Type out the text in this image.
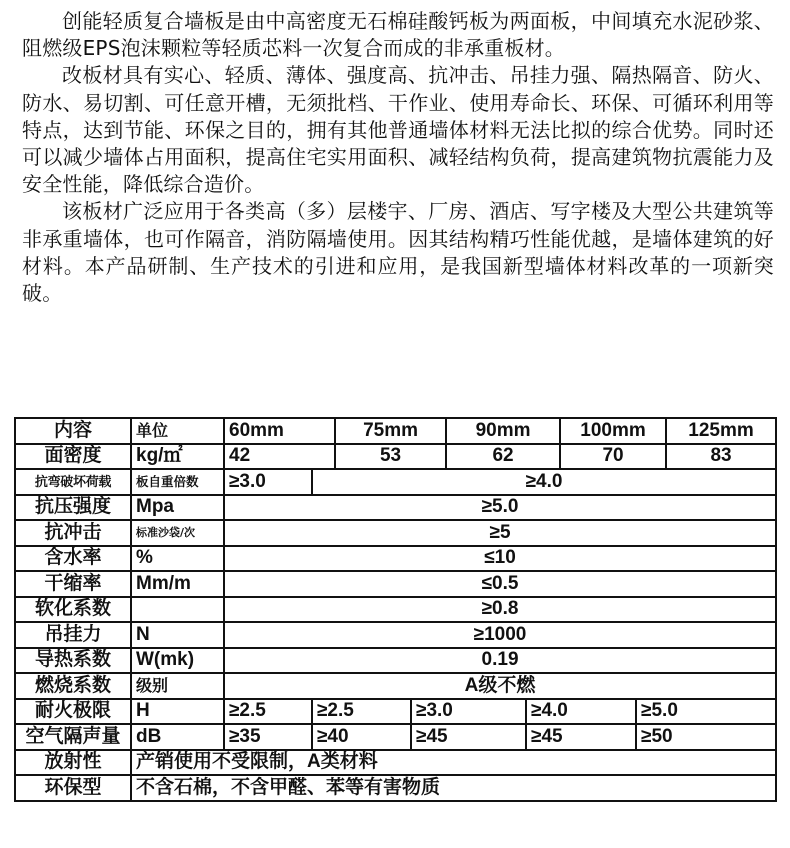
创能轻质复合墙板是由中高密度无石棉硅酸钙板为两面板，中间填充水泥砂浆、阻燃级EPS泡沫颗粒等轻质芯料一次复合而成的非承重板材。

改板材具有实心、轻质、薄体、强度高、抗冲击、吊挂力强、隔热隔音、防火、防水、易切割、可任意开槽，无须批档、干作业、使用寿命长、环保、可循环利用等特点，达到节能、环保之目的，拥有其他普通墙体材料无法比拟的综合优势。同时还可以减少墙体占用面积，提高住宅实用面积、减轻结构负荷，提高建筑物抗震能力及安全性能，降低综合造价。

该板材广泛应用于各类高（多）层楼宇、厂房、酒店、写字楼及大型公共建筑等非承重墙体，也可作隔音，消防隔墙使用。因其结构精巧性能优越，是墙体建筑的好材料。本产品研制、生产技术的引进和应用，是我国新型墙体材料改革的一项新突破。

内容	单位	60mm		75mm		90mm		100mm		125mm
面密度	kg/㎡	42		53		62		70		83
抗弯破坏荷载	板自重倍数	≥3.0	≥4.0							
抗压强度	Mpa	≥5.0								
抗冲击	标准沙袋/次	≥5								
含水率	%	≤10								
干缩率	Mm/m	≤0.5								
软化系数		≥0.8								
吊挂力	N	≥1000								
导热系数	W(mk)	0.19								
燃烧系数	级别	A级不燃								
耐火极限	H	≥2.5	≥2.5		≥3.0		≥4.0		≥5.0	
空气隔声量	dB	≥35	≥40		≥45		≥45		≥50	
放射性	产销使用不受限制，A类材料									
环保型	不含石棉，不含甲醛、苯等有害物质									
